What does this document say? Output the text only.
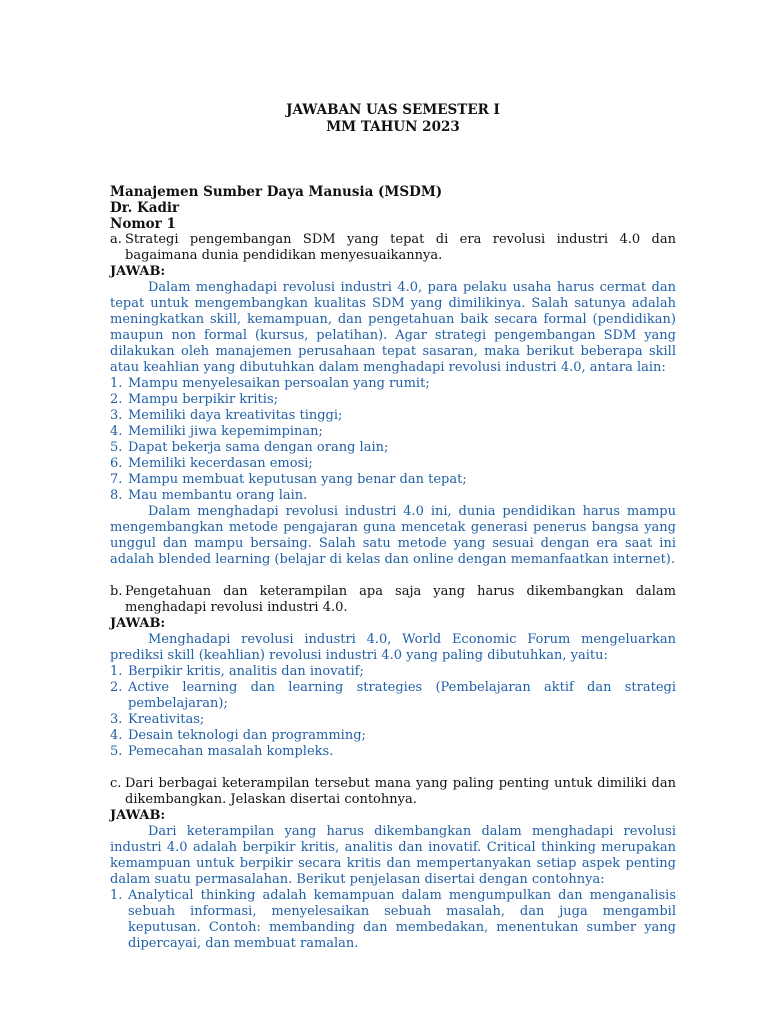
JAWABAN UAS SEMESTER I
MM TAHUN 2023
Manajemen Sumber Daya Manusia (MSDM)
Dr. Kadir
Nomor 1
a. Strategi pengembangan SDM yang tepat di era revolusi industri 4.0 dan bagaimana dunia pendidikan menyesuaikannya.
JAWAB:
Dalam menghadapi revolusi industri 4.0, para pelaku usaha harus cermat dan tepat untuk mengembangkan kualitas SDM yang dimilikinya. Salah satunya adalah meningkatkan skill, kemampuan, dan pengetahuan baik secara formal (pendidikan) maupun non formal (kursus, pelatihan). Agar strategi pengembangan SDM yang dilakukan oleh manajemen perusahaan tepat sasaran, maka berikut beberapa skill atau keahlian yang dibutuhkan dalam menghadapi revolusi industri 4.0, antara lain:
1. Mampu menyelesaikan persoalan yang rumit;
2. Mampu berpikir kritis;
3. Memiliki daya kreativitas tinggi;
4. Memiliki jiwa kepemimpinan;
5. Dapat bekerja sama dengan orang lain;
6. Memiliki kecerdasan emosi;
7. Mampu membuat keputusan yang benar dan tepat;
8. Mau membantu orang lain.
Dalam menghadapi revolusi industri 4.0 ini, dunia pendidikan harus mampu mengembangkan metode pengajaran guna mencetak generasi penerus bangsa yang unggul dan mampu bersaing. Salah satu metode yang sesuai dengan era saat ini adalah blended learning (belajar di kelas dan online dengan memanfaatkan internet).
b. Pengetahuan dan keterampilan apa saja yang harus dikembangkan dalam menghadapi revolusi industri 4.0.
JAWAB:
Menghadapi revolusi industri 4.0, World Economic Forum mengeluarkan prediksi skill (keahlian) revolusi industri 4.0 yang paling dibutuhkan, yaitu:
1. Berpikir kritis, analitis dan inovatif;
2. Active learning dan learning strategies (Pembelajaran aktif dan strategi pembelajaran);
3. Kreativitas;
4. Desain teknologi dan programming;
5. Pemecahan masalah kompleks.
c. Dari berbagai keterampilan tersebut mana yang paling penting untuk dimiliki dan dikembangkan. Jelaskan disertai contohnya.
JAWAB:
Dari keterampilan yang harus dikembangkan dalam menghadapi revolusi industri 4.0 adalah berpikir kritis, analitis dan inovatif. Critical thinking merupakan kemampuan untuk berpikir secara kritis dan mempertanyakan setiap aspek penting dalam suatu permasalahan. Berikut penjelasan disertai dengan contohnya:
1. Analytical thinking adalah kemampuan dalam mengumpulkan dan menganalisis sebuah informasi, menyelesaikan sebuah masalah, dan juga mengambil keputusan. Contoh: membanding dan membedakan, menentukan sumber yang dipercayai, dan membuat ramalan.
